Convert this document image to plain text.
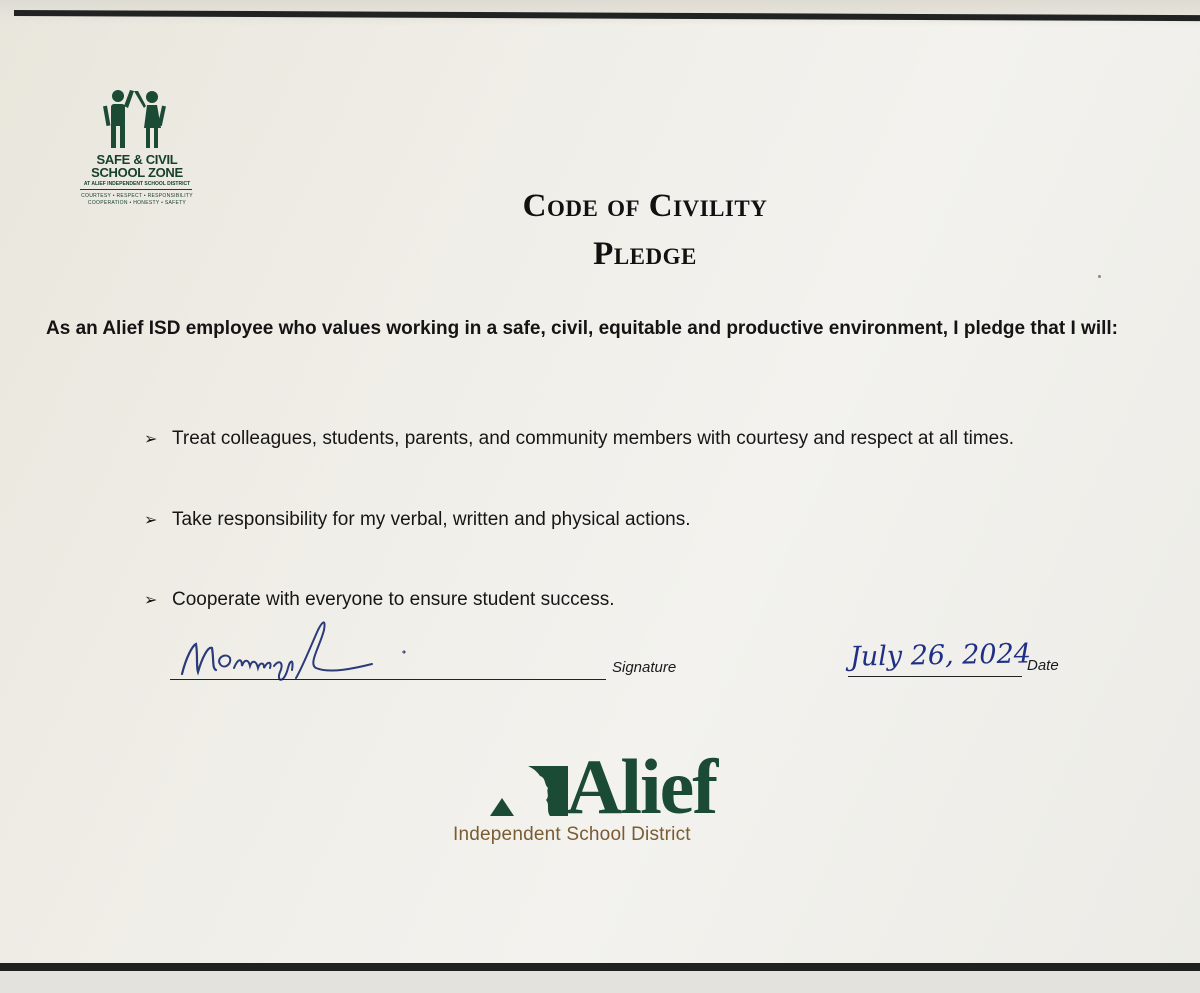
SAFE & CIVIL
SCHOOL ZONE
AT ALIEF INDEPENDENT SCHOOL DISTRICT
COURTESY • RESPECT • RESPONSIBILITY
COOPERATION • HONESTY • SAFETY	Code of Civility
Pledge
As an Alief ISD employee who values working in a safe, civil, equitable and productive environment, I pledge that I will:
➢ Treat colleagues, students, parents, and community members with courtesy and respect at all times.
➢ Take responsibility for my verbal, written and physical actions.
➢ Cooperate with everyone to ensure student success.
Signature	July 26, 2024
Date
Alief
Independent School District
